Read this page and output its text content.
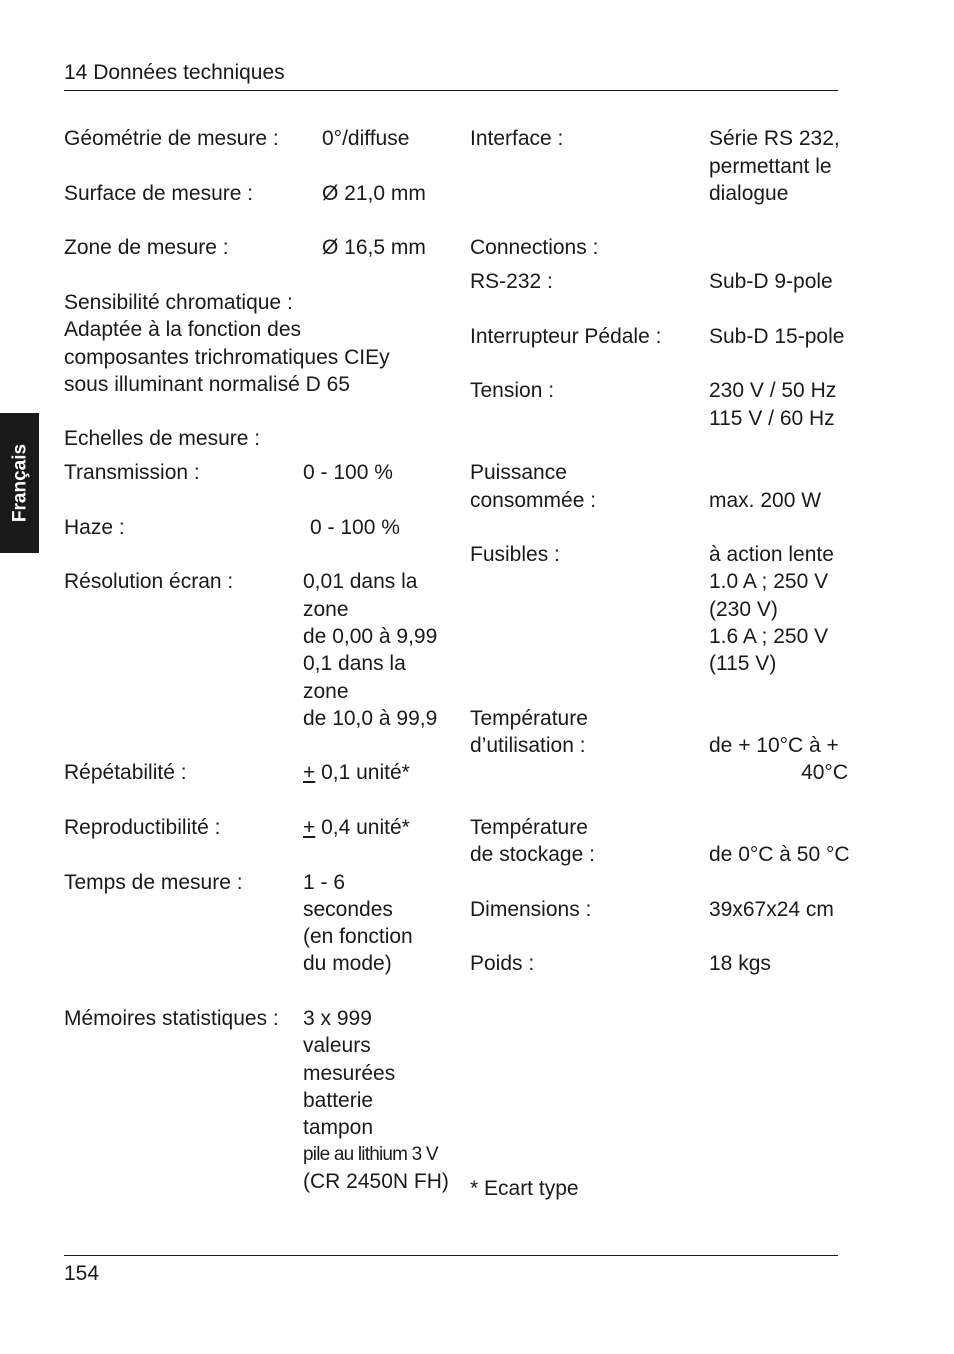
14 Données techniques
Français
Géométrie de mesure : 0°/diffuse
Surface de mesure :	Ø 21,0 mm
Zone de mesure :	Ø 16,5 mm
Sensibilité chromatique :
Adaptée à la fonction des
composantes trichromatiques CIEy
sous illuminant normalisé D 65
Echelles de mesure :
Transmission :	0 - 100 %
Haze :	0 - 100 %
Résolution écran :	0,01 dans la
zone
de 0,00 à 9,99
0,1 dans la
zone
de 10,0 à 99,9
Répétabilité :	+ 0,1 unité*
Reproductibilité :	+ 0,4 unité*
Temps de mesure :	1 - 6
secondes
(en fonction
du mode)
Mémoires statistiques : 3 x 999
valeurs
mesurées
batterie
tampon
pile au lithium 3 V
(CR 2450N FH)
Interface :	Série RS 232,
permettant le
dialogue
Connections :
RS-232 :	Sub-D 9-pole
Interrupteur Pédale : Sub-D 15-pole
Tension :	230 V / 50 Hz
115 V / 60 Hz
Puissance
consommée :	max. 200 W
Fusibles :	à action lente
1.0 A ; 250 V
(230 V)
1.6 A ; 250 V
(115 V)
Température
d’utilisation :	de + 10°C à +
40°C
Température
de stockage :	de 0°C à 50 °C
Dimensions :	39x67x24 cm
Poids :	18 kgs
* Ecart type
154
